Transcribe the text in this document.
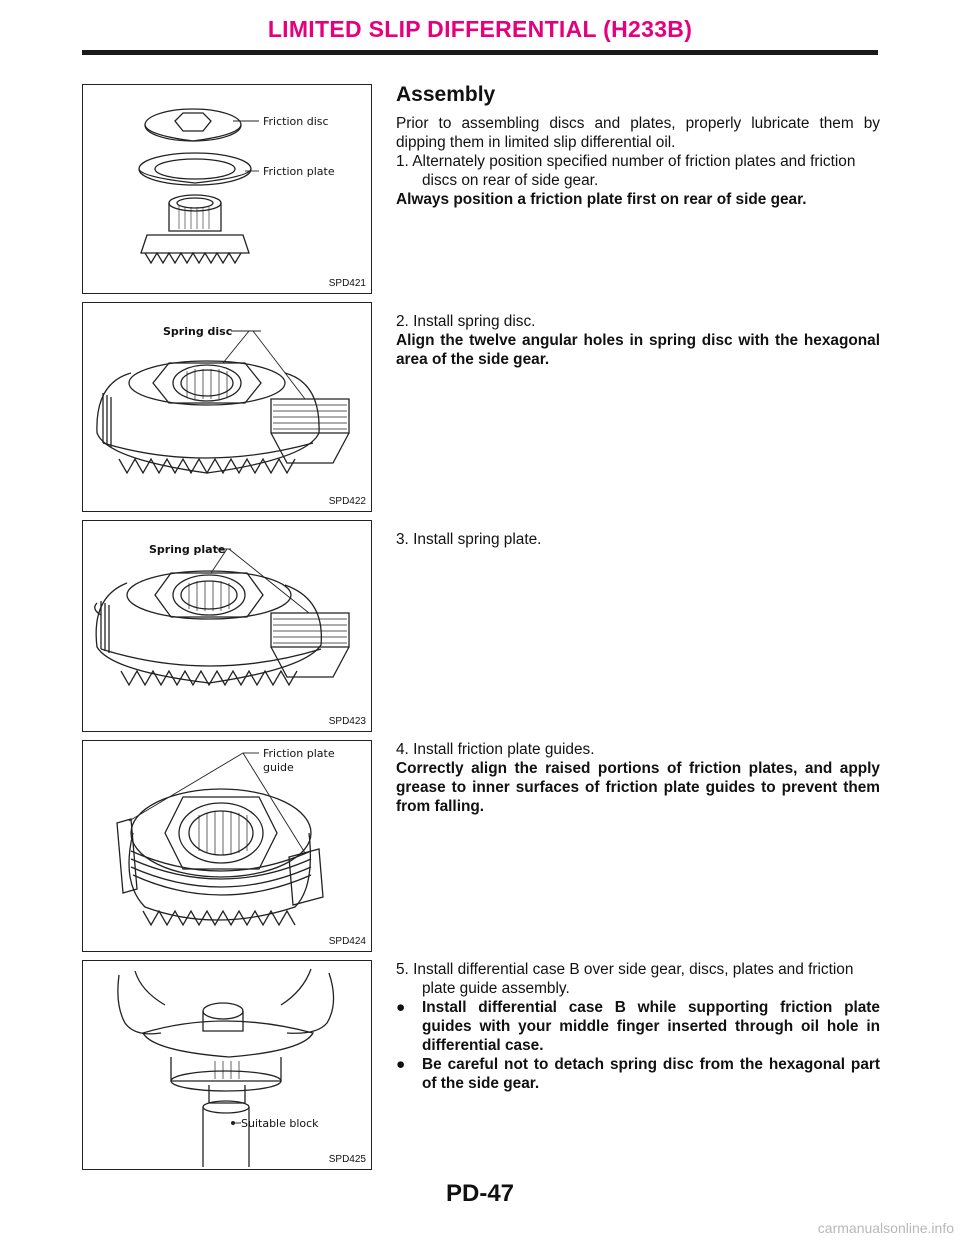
LIMITED SLIP DIFFERENTIAL (H233B)
Friction disc
Friction plate
SPD421
Spring disc
SPD422
Spring plate
SPD423
Friction plate
guide
SPD424
Suitable block
SPD425

Assembly

Prior to assembling discs and plates, properly lubricate them by dipping them in limited slip differential oil.

1. Alternately position specified number of friction plates and friction discs on rear of side gear.

Always position a friction plate first on rear of side gear.

2. Install spring disc.

Align the twelve angular holes in spring disc with the hexagonal area of the side gear.

3. Install spring plate.

4. Install friction plate guides.

Correctly align the raised portions of friction plates, and apply grease to inner surfaces of friction plate guides to prevent them from falling.

5. Install differential case B over side gear, discs, plates and friction plate guide assembly.

● Install differential case B while supporting friction plate guides with your middle finger inserted through oil hole in differential case.

● Be careful not to detach spring disc from the hexagonal part of the side gear.

PD-47
carmanualsonline.info
